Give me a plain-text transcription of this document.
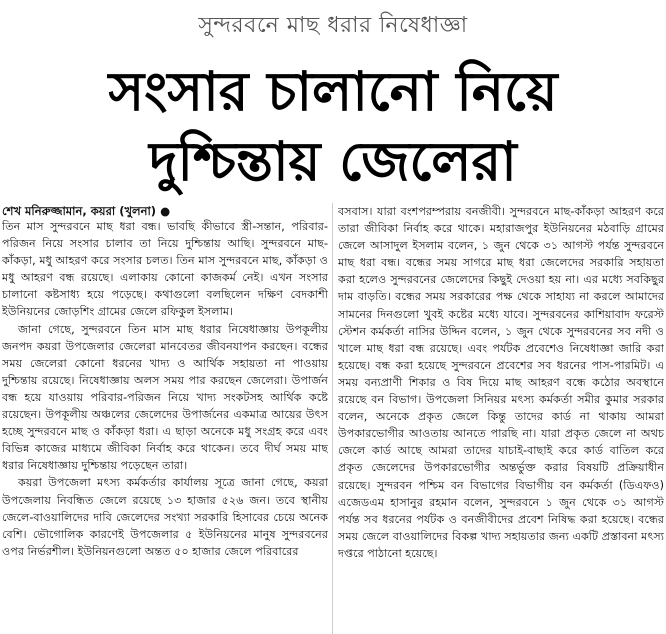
সুন্দরবনে মাছ ধরার নিষেধাজ্ঞা
সংসার চালানো নিয়ে
দুশ্চিন্তায় জেলেরা
শেখ মনিরুজ্জামান, কয়রা (খুলনা) ●

তিন মাস সুন্দরবনে মাছ ধরা বন্ধ। ভাবছি কীভাবে স্ত্রী-সন্তান, পরিবার-পরিজন নিয়ে সংসার চালাব তা নিয়ে দুশ্চিন্তায় আছি। সুন্দরবনে মাছ-কাঁকড়া, মধু আহরণ করে সংসার চলত। তিন মাস সুন্দরবনে মাছ, কাঁকড়া ও মধু আহরণ বন্ধ রয়েছে। এলাকায় কোনো কাজকর্ম নেই। এখন সংসার চালানো কষ্টসাধ্য হয়ে পড়েছে। কথাগুলো বলছিলেন দক্ষিণ বেদকাশী ইউনিয়নের জোড়শিং গ্রামের জেলে রফিকুল ইসলাম।

জানা গেছে, সুন্দরবনে তিন মাস মাছ ধরার নিষেধাজ্ঞায় উপকূলীয় জনপদ কয়রা উপজেলার জেলেরা মানবেতর জীবনযাপন করছেন। বন্ধের সময় জেলেরা কোনো ধরনের খাদ্য ও আর্থিক সহায়তা না পাওয়ায় দুশ্চিন্তায় রয়েছে। নিষেধাজ্ঞায় অলস সময় পার করছেন জেলেরা। উপার্জন বন্ধ হয়ে যাওয়ায় পরিবার-পরিজন নিয়ে খাদ্য সংকটসহ আর্থিক কষ্টে রয়েছেন। উপকূলীয় অঞ্চলের জেলেদের উপার্জনের একমাত্র আয়ের উৎস হচ্ছে সুন্দরবনে মাছ ও কাঁকড়া ধরা। এ ছাড়া অনেকে মধু সংগ্রহ করে এবং বিভিন্ন কাজের মাধ্যমে জীবিকা নির্বাহ করে থাকেন। তবে দীর্ঘ সময় মাছ ধরার নিষেধাজ্ঞায় দুশ্চিন্তায় পড়েছেন তারা।

কয়রা উপজেলা মৎস্য কর্মকর্তার কার্যালয় সূত্রে জানা গেছে, কয়রা উপজেলায় নিবন্ধিত জেলে রয়েছে ১৩ হাজার ৫২৬ জন। তবে স্থানীয় জেলে-বাওয়ালিদের দাবি জেলেদের সংখ্যা সরকারি হিসাবের চেয়ে অনেক বেশি। ভৌগোলিক কারণেই উপজেলার ৫ ইউনিয়নের মানুষ সুন্দরবনের ওপর নির্ভরশীল। ইউনিয়নগুলো অন্তত ৫০ হাজার জেলে পরিবারের

বসবাস। যারা বংশপরম্পরায় বনজীবী। সুন্দরবনে মাছ-কাঁকড়া আহরণ করে তারা জীবিকা নির্বাহ করে থাকে। মহারাজপুর ইউনিয়নের মঠবাড়ি গ্রামের জেলে আসাদুল ইসলাম বলেন, ১ জুন থেকে ৩১ আগস্ট পর্যন্ত সুন্দরবনে মাছ ধরা বন্ধ। বন্ধের সময় সাগরে মাছ ধরা জেলেদের সরকারি সহায়তা করা হলেও সুন্দরবনের জেলেদের কিছুই দেওয়া হয় না। এর মধ্যে সবকিছুর দাম বাড়তি। বন্ধের সময় সরকারের পক্ষ থেকে সাহায্য না করলে আমাদের সামনের দিনগুলো খুবই কষ্টের মধ্যে যাবে। সুন্দরবনের কাশিয়াবাদ ফরেস্ট স্টেশন কর্মকর্তা নাসির উদ্দিন বলেন, ১ জুন থেকে সুন্দরবনের সব নদী ও খালে মাছ ধরা বন্ধ রয়েছে। এবং পর্যটক প্রবেশেও নিষেধাজ্ঞা জারি করা হয়েছে। বন্ধ করা হয়েছে সুন্দরবনে প্রবেশের সব ধরনের পাস-পারমিট। এ সময় বন্যপ্রাণী শিকার ও বিষ দিয়ে মাছ আহরণ বন্ধে কঠোর অবস্থানে রয়েছে বন বিভাগ। উপজেলা সিনিয়র মৎস্য কর্মকর্তা সমীর কুমার সরকার বলেন, অনেকে প্রকৃত জেলে কিন্তু তাদের কার্ড না থাকায় আমরা উপকারভোগীর আওতায় আনতে পারছি না। যারা প্রকৃত জেলে না অথচ জেলে কার্ড আছে আমরা তাদের যাচাই-বাছাই করে কার্ড বাতিল করে প্রকৃত জেলেদের উপকারভোগীর অন্তর্ভুক্ত করার বিষয়টি প্রক্রিয়াধীন রয়েছে। সুন্দরবন পশ্চিম বন বিভাগের বিভাগীয় বন কর্মকর্তা (ডিএফও) এজেডএম হাসানুর রহমান বলেন, সুন্দরবনে ১ জুন থেকে ৩১ আগস্ট পর্যন্ত সব ধরনের পর্যটক ও বনজীবীদের প্রবেশ নিষিদ্ধ করা হয়েছে। বন্ধের সময় জেলে বাওয়ালিদের বিকল্প খাদ্য সহায়তার জন্য একটি প্রস্তাবনা মৎস্য দপ্তরে পাঠানো হয়েছে।
